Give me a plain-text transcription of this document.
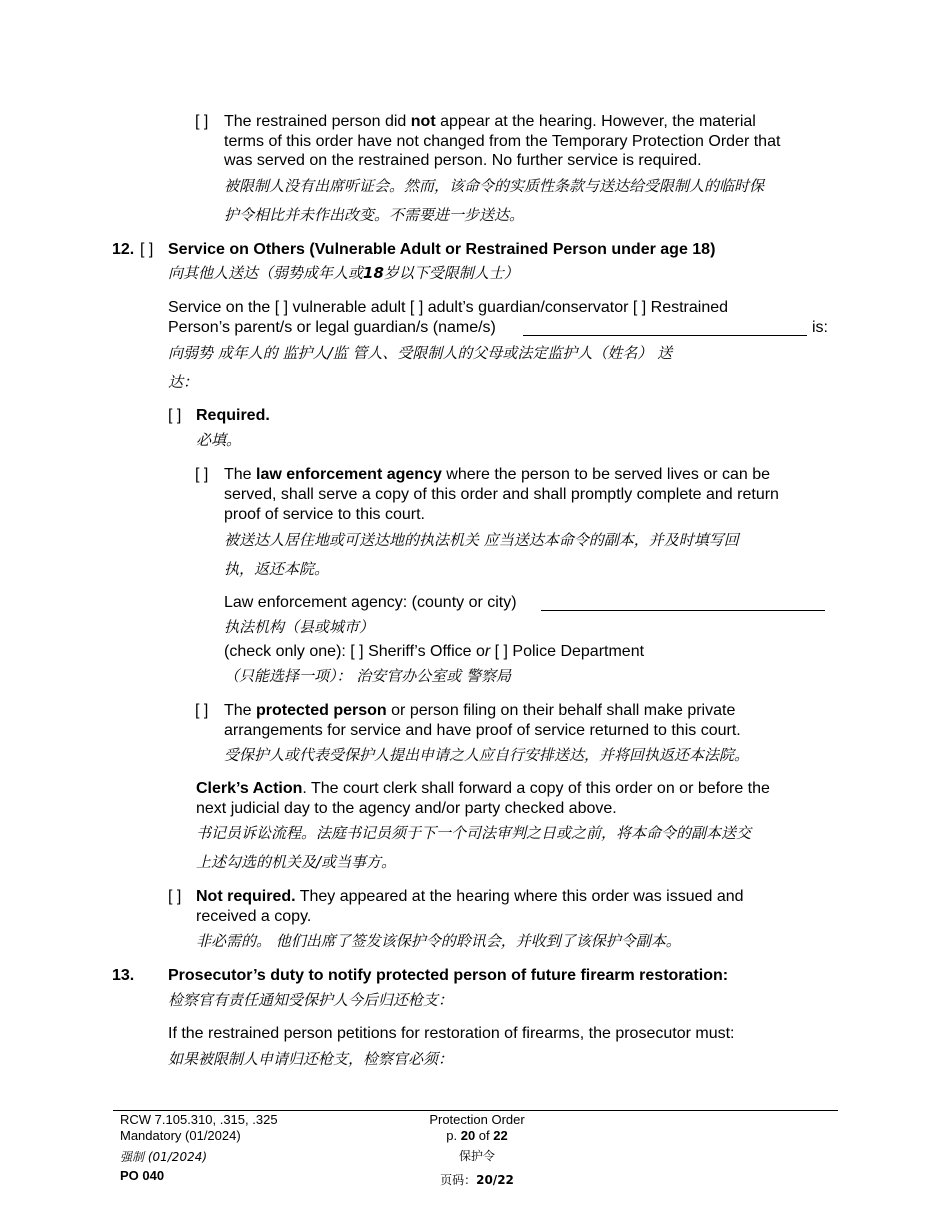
[ ] The restrained person did not appear at the hearing. However, the material
terms of this order have not changed from the Temporary Protection Order that
was served on the restrained person. No further service is required.
被限制人没有出席听证会。然而，该命令的实质性条款与送达给受限制人的临时保
护令相比并未作出改变。不需要进一步送达。
12. [ ] Service on Others (Vulnerable Adult or Restrained Person under age 18)
向其他人送达（弱势成年人或18岁以下受限制人士）
Service on the [ ] vulnerable adult [ ] adult’s guardian/conservator [ ] Restrained
Person’s parent/s or legal guardian/s (name/s)	is:
向弱势 成年人的 监护人/监 管人、受限制人的父母或法定监护人（姓名） 送
达：
[ ] Required.
必填。
[ ] The law enforcement agency where the person to be served lives or can be
served, shall serve a copy of this order and shall promptly complete and return
proof of service to this court.
被送达人居住地或可送达地的执法机关 应当送达本命令的副本，并及时填写回
执，返还本院。
Law enforcement agency: (county or city)
执法机构（县或城市）
(check only one): [ ] Sheriff’s Office or [ ] Police Department
（只能选择一项）： 治安官办公室或 警察局
[ ] The protected person or person filing on their behalf shall make private
arrangements for service and have proof of service returned to this court.
受保护人或代表受保护人提出申请之人应自行安排送达，并将回执返还本法院。
Clerk’s Action. The court clerk shall forward a copy of this order on or before the
next judicial day to the agency and/or party checked above.
书记员诉讼流程。法庭书记员须于下一个司法审判之日或之前，将本命令的副本送交
上述勾选的机关及/或当事方。
[ ] Not required. They appeared at the hearing where this order was issued and
received a copy.
非必需的。 他们出席了签发该保护令的聆讯会，并收到了该保护令副本。
13. Prosecutor’s duty to notify protected person of future firearm restoration:
检察官有责任通知受保护人今后归还枪支：
If the restrained person petitions for restoration of firearms, the prosecutor must:
如果被限制人申请归还枪支，检察官必须：
RCW 7.105.310, .315, .325
Mandatory (01/2024)
强制 (01/2024)
PO 040
Protection Order
p. 20 of 22
保护令
页码：20/22
